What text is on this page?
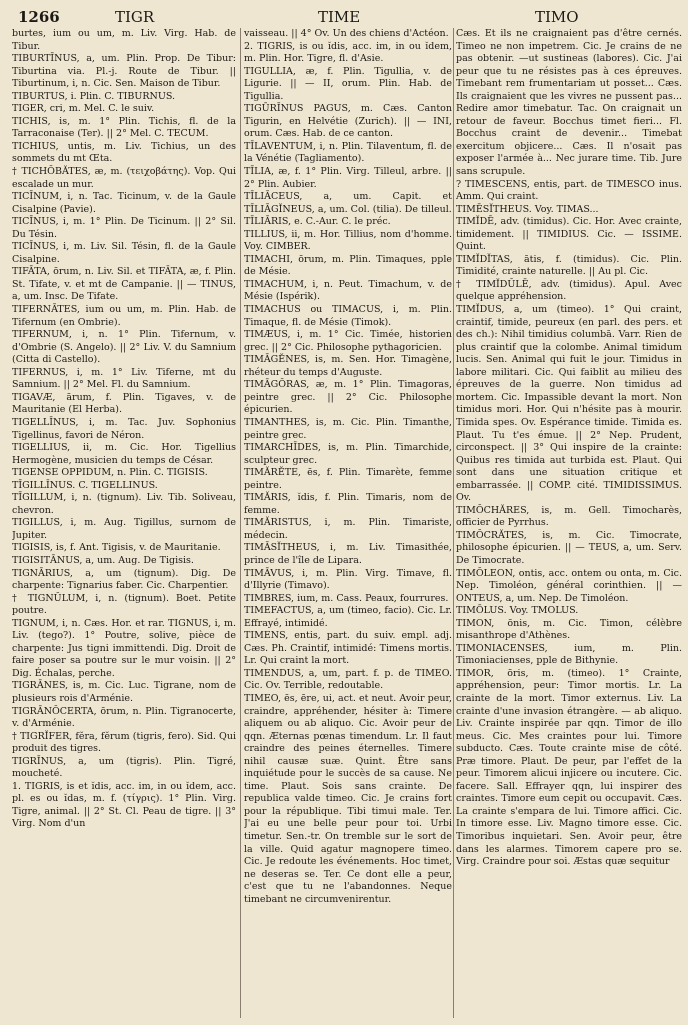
1266	TIGR	TIME	TIMO

burtes, ium ou um, m. Liv. Virg. Hab. de Tibur.

TIBURTĪNUS, a, um. Plin. Prop. De Tibur: Tiburtina via. Pl.-j. Route de Tibur. || Tiburtinum, i, n. Cic. Sen. Maison de Tibur.

TIBURTUS, i. Plin. C. TIBURNUS.

TIGER, cri, m. Mel. C. le suiv.

TICHIS, is, m. 1° Plin. Tichis, fl. de la Tarraconaise (Ter). || 2° Mel. C. TECUM.

TICHIUS, untis, m. Liv. Tichius, un des sommets du mt Œta.

† TICHŎBĂTES, æ, m. (τειχοβάτης). Vop. Qui escalade un mur.

TICĪNUM, i, n. Tac. Ticinum, v. de la Gaule Cisalpine (Pavie).

TICĪNUS, i, m. 1° Plin. De Ticinum. || 2° Sil. Du Tésin.

TICĪNUS, i, m. Liv. Sil. Tésin, fl. de la Gaule Cisalpine.

TIFĀTA, ōrum, n. Liv. Sil. et TIFĀTA, æ, f. Plin. St. Tifate, v. et mt de Campanie. || — TINUS, a, um. Insc. De Tifate.

TIFERNĀTES, ium ou um, m. Plin. Hab. de Tifernum (en Ombrie).

TIFERNUM, i, n. 1° Plin. Tifernum, v. d'Ombrie (S. Angelo). || 2° Liv. V. du Samnium (Citta di Castello).

TIFERNUS, i, m. 1° Liv. Tiferne, mt du Samnium. || 2° Mel. Fl. du Samnium.

TIGAVÆ, ārum, f. Plin. Tigaves, v. de Mauritanie (El Herba).

TIGELLĪNUS, i, m. Tac. Juv. Sophonius Tigellinus, favori de Néron.

TIGELLIUS, ii, m. Cic. Hor. Tigellius Hermogène, musicien du temps de César.

TIGENSE OPPIDUM, n. Plin. C. TIGISIS.

TĪGILLĪNUS. C. TIGELLINUS.

TĪGILLUM, i, n. (tignum). Liv. Tib. Soliveau, chevron.

TIGILLUS, i, m. Aug. Tigillus, surnom de Jupiter.

TIGISIS, is, f. Ant. Tigisis, v. de Mauritanie.

TIGISITĀNUS, a, um. Aug. De Tigisis.

TIGNĀRIUS, a, um (tignum). Dig. De charpente: Tignarius faber. Cic. Charpentier.

† TIGNŬLUM, i, n. (tignum). Boet. Petite poutre.

TIGNUM, i, n. Cæs. Hor. et rar. TIGNUS, i, m. Liv. (tego?). 1° Poutre, solive, pièce de charpente: Jus tigni immittendi. Dig. Droit de faire poser sa poutre sur le mur voisin. || 2° Dig. Échalas, perche.

TIGRĀNES, is, m. Cic. Luc. Tigrane, nom de plusieurs rois d'Arménie.

TIGRĀNŎCERTA, ōrum, n. Plin. Tigranocerte, v. d'Arménie.

† TIGRĬFER, fĕra, fĕrum (tigris, fero). Sid. Qui produit des tigres.

TIGRĪNUS, a, um (tigris). Plin. Tigré, moucheté.

1. TIGRIS, is et ĭdis, acc. im, in ou ĭdem, acc. pl. es ou ĭdas, m. f. (τίγρις). 1° Plin. Virg. Tigre, animal. || 2° St. Cl. Peau de tigre. || 3° Virg. Nom d'un

vaisseau. || 4° Ov. Un des chiens d'Actéon.

2. TIGRIS, is ou ĭdis, acc. im, in ou ĭdem, m. Plin. Hor. Tigre, fl. d'Asie.

TIGULLIA, æ, f. Plin. Tigullia, v. de Ligurie. || — II, orum. Plin. Hab. de Tigullia.

TIGŪRĪNUS PAGUS, m. Cæs. Canton Tigurin, en Helvétie (Zurich). || — INI, orum. Cæs. Hab. de ce canton.

TĪLAVENTUM, i, n. Plin. Tilaventum, fl. de la Vénétie (Tagliamento).

TĪLIA, æ, f. 1° Plin. Virg. Tilleul, arbre. || 2° Plin. Aubier.

TĪLIĀCEUS, a, um. Capit. et TĪLIĀGĬNEUS, a, um. Col. (tilia). De tilleul.

TĪLIĀRIS, e. C.-Aur. C. le préc.

TILLIUS, ii, m. Hor. Tillius, nom d'homme. Voy. CIMBER.

TIMACHI, ōrum, m. Plin. Timaques, pple de Mésie.

TIMACHUM, i, n. Peut. Timachum, v. de Mésie (Ispérik).

TIMACHUS ou TIMACUS, i, m. Plin. Timaque, fl. de Mésie (Timok).

TIMÆUS, i, m. 1° Cic. Timée, historien grec. || 2° Cic. Philosophe pythagoricien.

TIMĀGĔNES, is, m. Sen. Hor. Timagène, rhéteur du temps d'Auguste.

TIMĀGŎRAS, æ, m. 1° Plin. Timagoras, peintre grec. || 2° Cic. Philosophe épicurien.

TIMANTHES, is, m. Cic. Plin. Timanthe, peintre grec.

TIMARCHĪDES, is, m. Plin. Timarchide, sculpteur grec.

TIMĂRĔTE, ēs, f. Plin. Timarète, femme peintre.

TIMĂRIS, ĭdis, f. Plin. Timaris, nom de femme.

TIMĂRISTUS, i, m. Plin. Timariste, médecin.

TIMĀSĬTHEUS, i, m. Liv. Timasithée, prince de l'île de Lipara.

TIMĀVUS, i, m. Plin. Virg. Timave, fl. d'Illyrie (Timavo).

TIMBRES, ium, m. Cass. Peaux, fourrures.

TIMEFACTUS, a, um (timeo, facio). Cic. Lr. Effrayé, intimidé.

TIMENS, entis, part. du suiv. empl. adj. Cæs. Ph. Craintif, intimidé: Timens mortis. Lr. Qui craint la mort.

TIMENDUS, a, um, part. f. p. de TIMEO. Cic. Ov. Terrible, redoutable.

TIMEO, ēs, ēre, ui, act. et neut. Avoir peur, craindre, appréhender, hésiter à: Timere aliquem ou ab aliquo. Cic. Avoir peur de qqn. Æternas pœnas timendum. Lr. Il faut craindre des peines éternelles. Timere nihil causæ suæ. Quint. Être sans inquiétude pour le succès de sa cause. Ne time. Plaut. Sois sans crainte. De republica valde timeo. Cic. Je crains fort pour la république. Tibi timui male. Ter. J'ai eu une belle peur pour toi. Urbi timetur. Sen.-tr. On tremble sur le sort de la ville. Quid agatur magnopere timeo. Cic. Je redoute les événements. Hoc timet, ne deseras se. Ter. Ce dont elle a peur, c'est que tu ne l'abandonnes. Neque timebant ne circumvenirentur.

Cæs. Et ils ne craignaient pas d'être cernés. Timeo ne non impetrem. Cic. Je crains de ne pas obtenir. —ut sustineas (labores). Cic. J'ai peur que tu ne résistes pas à ces épreuves. Timebant rem frumentariam ut posset... Cæs. Ils craignaient que les vivres ne pussent pas... Redire amor timebatur. Tac. On craignait un retour de faveur. Bocchus timet fieri... Fl. Bocchus craint de devenir... Timebat exercitum objicere... Cæs. Il n'osait pas exposer l'armée à... Nec jurare time. Tib. Jure sans scrupule.

? TIMESCENS, entis, part. de TIMESCO inus. Amm. Qui craint.

TIMĒSĬTHEUS. Voy. TIMAS...

TIMĬDĒ, adv. (timidus). Cic. Hor. Avec crainte, timidement. || TIMIDIUS. Cic. — ISSIME. Quint.

TIMĬDĬTAS, ātis, f. (timidus). Cic. Plin. Timidité, crainte naturelle. || Au pl. Cic.

† TIMĬDŬLĒ, adv. (timidus). Apul. Avec quelque appréhension.

TIMĬDUS, a, um (timeo). 1° Qui craint, craintif, timide, peureux (en parl. des pers. et des ch.): Nihil timidius columbā. Varr. Rien de plus craintif que la colombe. Animal timidum lucis. Sen. Animal qui fuit le jour. Timidus in labore militari. Cic. Qui faiblit au milieu des épreuves de la guerre. Non timidus ad mortem. Cic. Impassible devant la mort. Non timidus mori. Hor. Qui n'hésite pas à mourir. Timida spes. Ov. Espérance timide. Timida es. Plaut. Tu t'es émue. || 2° Nep. Prudent, circonspect. || 3° Qui inspire de la crainte: Quibus res timida aut turbida est. Plaut. Qui sont dans une situation critique et embarrassée. || COMP. cité. TIMIDISSIMUS. Ov.

TIMŎCHĂRES, is, m. Gell. Timocharès, officier de Pyrrhus.

TIMŎCRĂTES, is, m. Cic. Timocrate, philosophe épicurien. || — TEUS, a, um. Serv. De Timocrate.

TIMŎLEON, ontis, acc. ontem ou onta, m. Cic. Nep. Timoléon, général corinthien. || — ONTEUS, a, um. Nep. De Timoléon.

TIMŌLUS. Voy. TMOLUS.

TIMON, ōnis, m. Cic. Timon, célèbre misanthrope d'Athènes.

TIMONIACENSES, ium, m. Plin. Timoniacienses, pple de Bithynie.

TIMOR, ōris, m. (timeo). 1° Crainte, appréhension, peur: Timor mortis. Lr. La crainte de la mort. Timor externus. Liv. La crainte d'une invasion étrangère. — ab aliquo. Liv. Crainte inspirée par qqn. Timor de illo meus. Cic. Mes craintes pour lui. Timore subducto. Cæs. Toute crainte mise de côté. Præ timore. Plaut. De peur, par l'effet de la peur. Timorem alicui injicere ou incutere. Cic. facere. Sall. Effrayer qqn, lui inspirer des craintes. Timore eum cepit ou occupavit. Cæs. La crainte s'empara de lui. Timore affici. Cic. In timore esse. Liv. Magno timore esse. Cic. Timoribus inquietari. Sen. Avoir peur, être dans les alarmes. Timorem capere pro se. Virg. Craindre pour soi. Æstas quæ sequitur
